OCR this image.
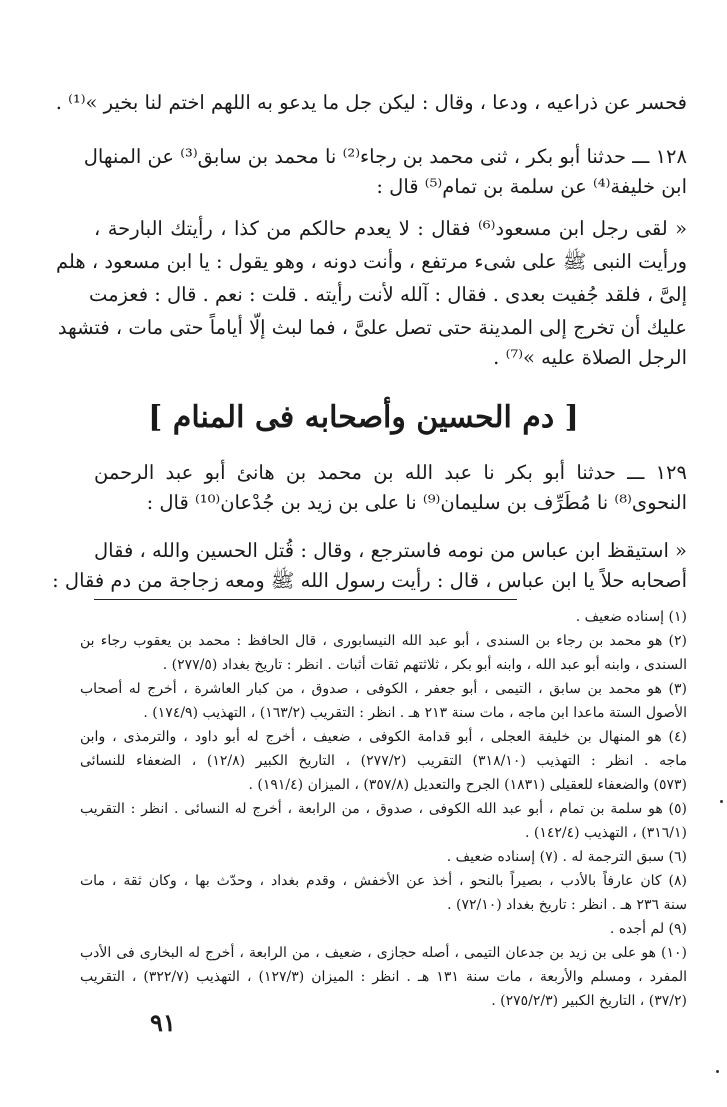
فحسر عن ذراعيه ، ودعا ، وقال : ليكن جل ما يدعو به اللهم اختم لنا بخير »⁽¹⁾ .
١٢٨ ـــ حدثنا أبو بكر ، ثنى محمد بن رجاء⁽²⁾ نا محمد بن سابق⁽³⁾ عن المنهال
ابن خليفة⁽⁴⁾ عن سلمة بن تمام⁽⁵⁾ قال :
« لقى رجل ابن مسعود⁽⁶⁾ فقال : لا يعدم حالكم من كذا ، رأيتك البارحة ،
ورأيت النبى ﷺ على شىء مرتفع ، وأنت دونه ، وهو يقول : يا ابن مسعود ، هلم
إلىَّ ، فلقد جُفيت بعدى . فقال : آلله لأنت رأيته . قلت : نعم . قال : فعزمت
عليك أن تخرج إلى المدينة حتى تصل علىَّ ، فما لبث إلّا أياماً حتى مات ، فتشهد
الرجل الصلاة عليه »⁽⁷⁾ .
[ دم الحسين وأصحابه فى المنام ]
١٢٩ ـــ حدثنا أبو بكر نا عبد الله بن محمد بن هانئ أبو عبد الرحمن
النحوى⁽⁸⁾ نا مُطَرِّف بن سليمان⁽⁹⁾ نا على بن زيد بن جُدْعان⁽¹⁰⁾ قال :
« استيقظ ابن عباس من نومه فاسترجع ، وقال : قُتل الحسين والله ، فقال
أصحابه حلاً يا ابن عباس ، قال : رأيت رسول الله ﷺ ومعه زجاجة من دم فقال :
(١) إسناده ضعيف .
(٢) هو محمد بن رجاء بن السندى ، أبو عبد الله النيسابورى ، قال الحافظ : محمد بن يعقوب رجاء بن
السندى ، وابنه أبو عبد الله ، وابنه أبو بكر ، ثلاثتهم ثقات أثبات . انظر : تاريخ بغداد (٢٧٧/٥) .
(٣) هو محمد بن سابق ، التيمى ، أبو جعفر ، الكوفى ، صدوق ، من كبار العاشرة ، أخرج له أصحاب
الأصول الستة ماعدا ابن ماجه ، مات سنة ٢١٣ هـ . انظر : التقريب (١٦٣/٢) ، التهذيب (١٧٤/٩) .
(٤) هو المنهال بن خليفة العجلى ، أبو قدامة الكوفى ، ضعيف ، أخرج له أبو داود ، والترمذى ، وابن
ماجه . انظر : التهذيب (٣١٨/١٠) التقريب (٢٧٧/٢) ، التاريخ الكبير (١٢/٨) ، الضعفاء للنسائى
(٥٧٣) والضعفاء للعقيلى (١٨٣١) الجرح والتعديل (٣٥٧/٨) ، الميزان (١٩١/٤) .
(٥) هو سلمة بن تمام ، أبو عبد الله الكوفى ، صدوق ، من الرابعة ، أخرج له النسائى . انظر : التقريب
(٣١٦/١) ، التهذيب (١٤٢/٤) .
(٦) سبق الترجمة له . (٧) إسناده ضعيف .
(٨) كان عارفاً بالأدب ، بصيراً بالنحو ، أخذ عن الأخفش ، وقدم بغداد ، وحدّث بها ، وكان ثقة ، مات
سنة ٢٣٦ هـ . انظر : تاريخ بغداد (٧٢/١٠) .
(٩) لم أجده .
(١٠) هو على بن زيد بن جدعان التيمى ، أصله حجازى ، ضعيف ، من الرابعة ، أخرج له البخارى فى الأدب
المفرد ، ومسلم والأربعة ، مات سنة ١٣١ هـ . انظر : الميزان (١٢٧/٣) ، التهذيب (٣٢٢/٧) ، التقريب
(٣٧/٢) ، التاريخ الكبير (٢٧٥/٢/٣) .
٩١
